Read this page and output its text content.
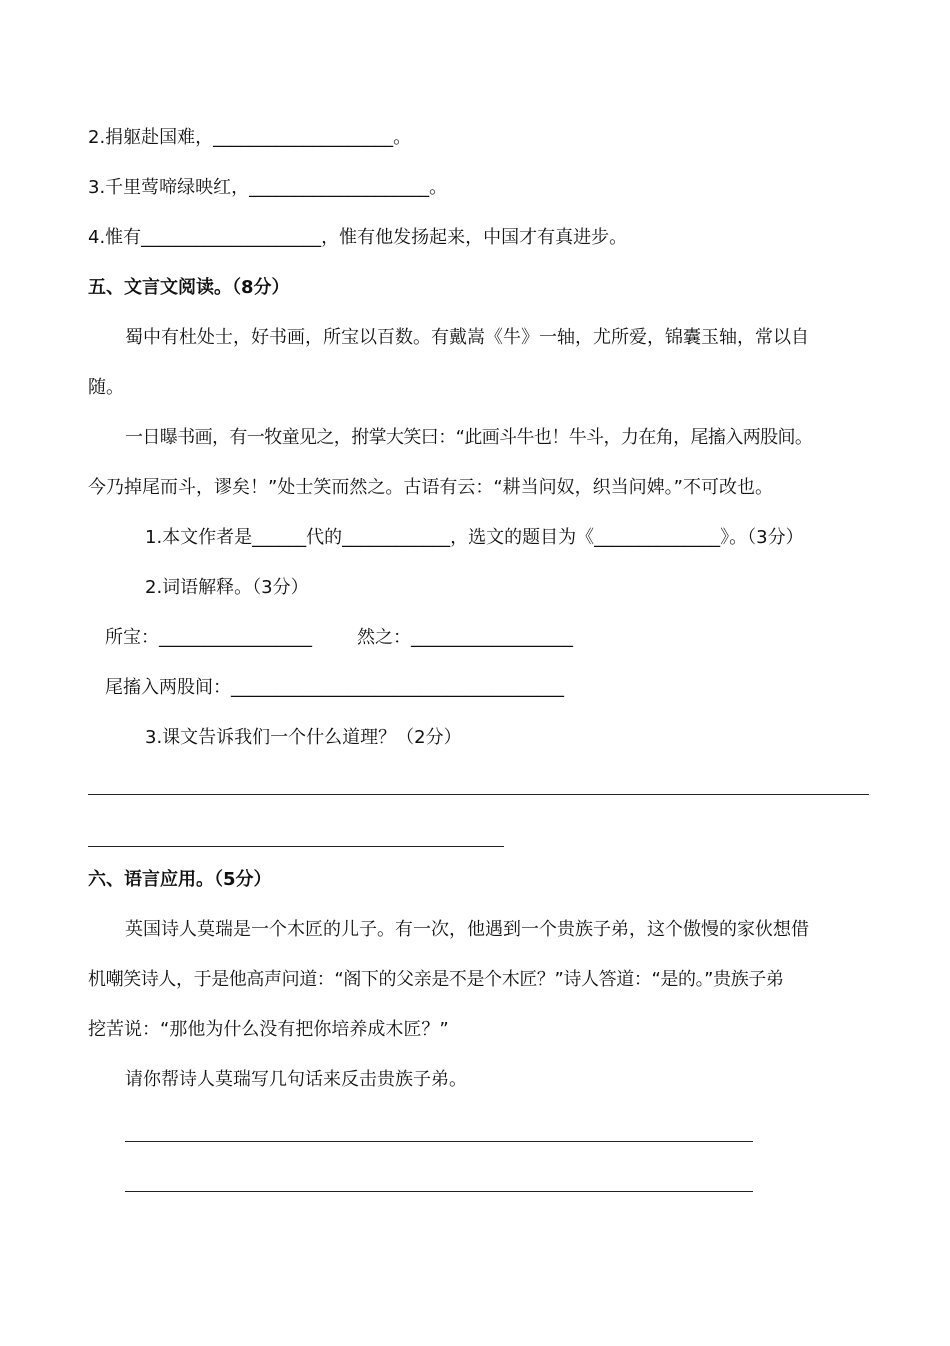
2.捐躯赴国难，____________________。
3.千里莺啼绿映红，____________________。
4.惟有____________________，惟有他发扬起来，中国才有真进步。
五、文言文阅读。（8分）
蜀中有杜处士，好书画，所宝以百数。有戴嵩《牛》一轴，尤所爱，锦囊玉轴，常以自
随。
一日曝书画，有一牧童见之，拊掌大笑曰：“此画斗牛也！牛斗，力在角，尾搐入两股间。
今乃掉尾而斗，谬矣！”处士笑而然之。古语有云：“耕当问奴，织当问婢。”不可改也。
1.本文作者是______代的____________，选文的题目为《______________》。（3分）
2.词语解释。（3分）
所宝：_________________	然之：__________________
尾搐入两股间：_____________________________________
3.课文告诉我们一个什么道理？（2分）
六、语言应用。（5分）
英国诗人莫瑞是一个木匠的儿子。有一次，他遇到一个贵族子弟，这个傲慢的家伙想借
机嘲笑诗人，于是他高声问道：“阁下的父亲是不是个木匠？”诗人答道：“是的。”贵族子弟
挖苦说：“那他为什么没有把你培养成木匠？”
请你帮诗人莫瑞写几句话来反击贵族子弟。
